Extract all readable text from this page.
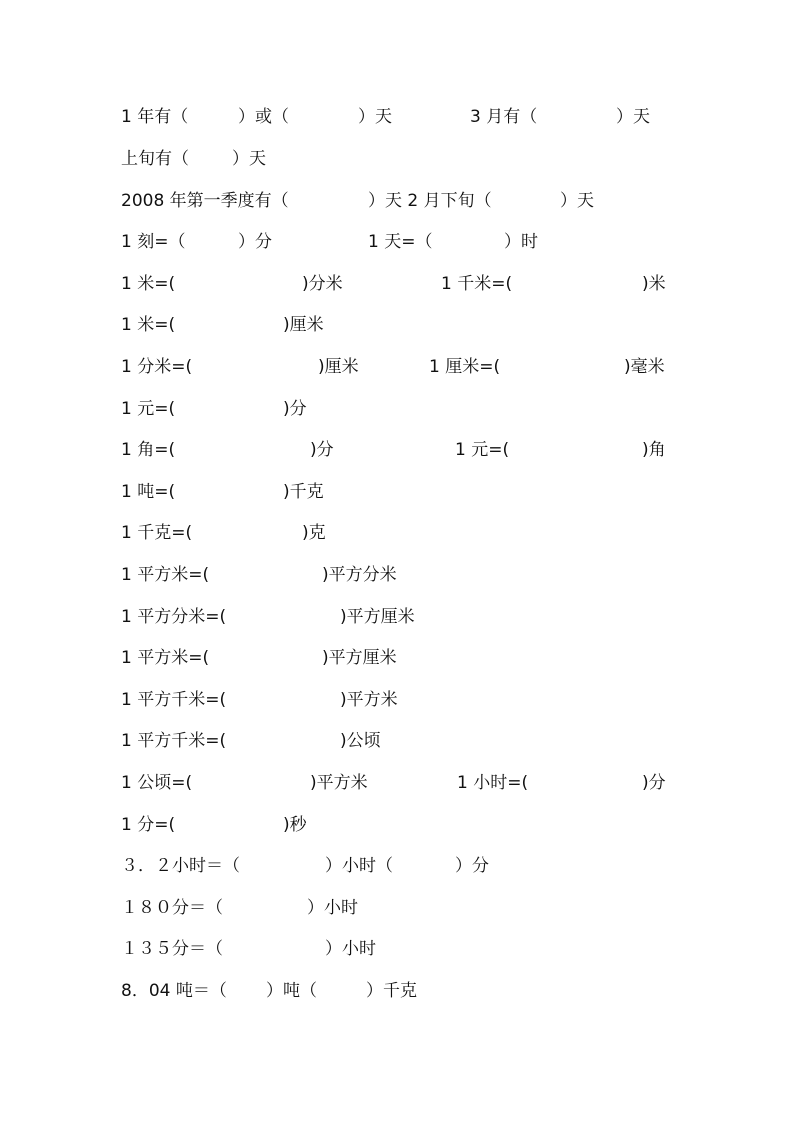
1 年有（	）或（	）天	3 月有（	）天
上旬有（	）天
2008 年第一季度有（	）天 2 月下旬（	）天
1 刻=（	）分	1 天=（	）时
1 米=(	)分米	1 千米=(	)米
1 米=(	)厘米
1 分米=(	)厘米	1 厘米=(	)毫米
1 元=(	)分
1 角=(	)分	1 元=(	)角
1 吨=(	)千克
1 千克=(	)克
1 平方米=(	)平方分米
1 平方分米=(	)平方厘米
1 平方米=(	)平方厘米
1 平方千米=(	)平方米
1 平方千米=(	)公顷
1 公顷=(	)平方米	1 小时=(	)分
1 分=(	)秒
３．２小时＝（	）小时（	）分
１８０分＝（	）小时
１３５分＝（	）小时
8．04 吨＝（ ）吨（	）千克
